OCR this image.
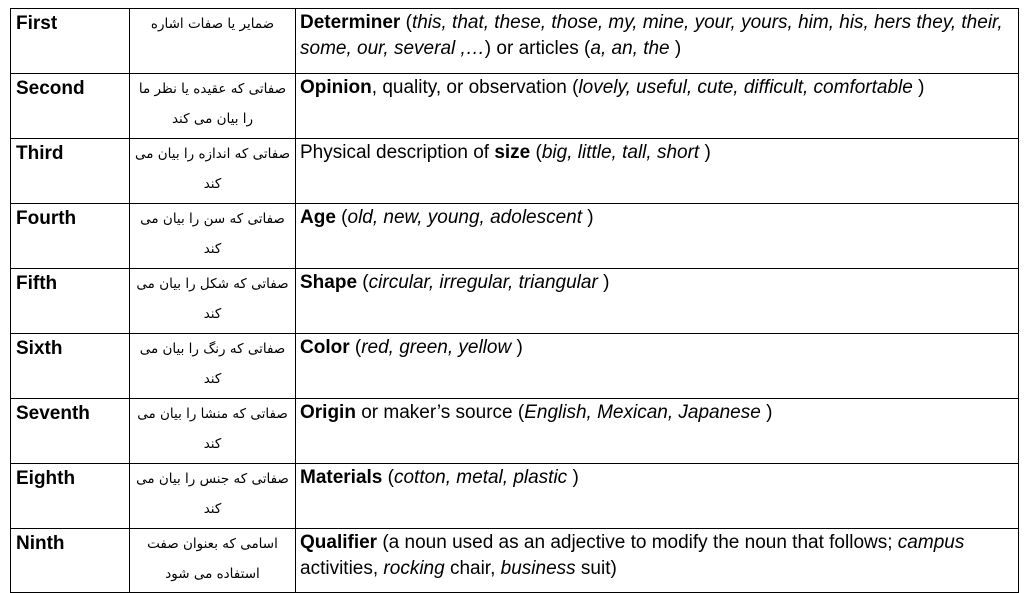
First	ضمایر یا صفات اشاره	Determiner (this, that, these, those, my, mine, your, yours, him, his, hers they, their, some, our, several ,…) or articles (a, an, the )
Second	صفاتی که عقیده یا نظر ما را بیان می کند	Opinion, quality, or observation (lovely, useful, cute, difficult, comfortable )
Third	صفاتی که اندازه را بیان می کند	Physical description of size (big, little, tall, short )
Fourth	صفاتی که سن را بیان می کند	Age (old, new, young, adolescent )
Fifth	صفاتی که شکل را بیان می کند	Shape (circular, irregular, triangular )
Sixth	صفاتی که رنگ را بیان می کند	Color (red, green, yellow )
Seventh	صفاتی که منشا را بیان می کند	Origin or maker’s source (English, Mexican, Japanese )
Eighth	صفاتی که جنس را بیان می کند	Materials (cotton, metal, plastic )
Ninth	اسامی که بعنوان صفت استفاده می شود	Qualifier (a noun used as an adjective to modify the noun that follows; campus activities, rocking chair, business suit)
